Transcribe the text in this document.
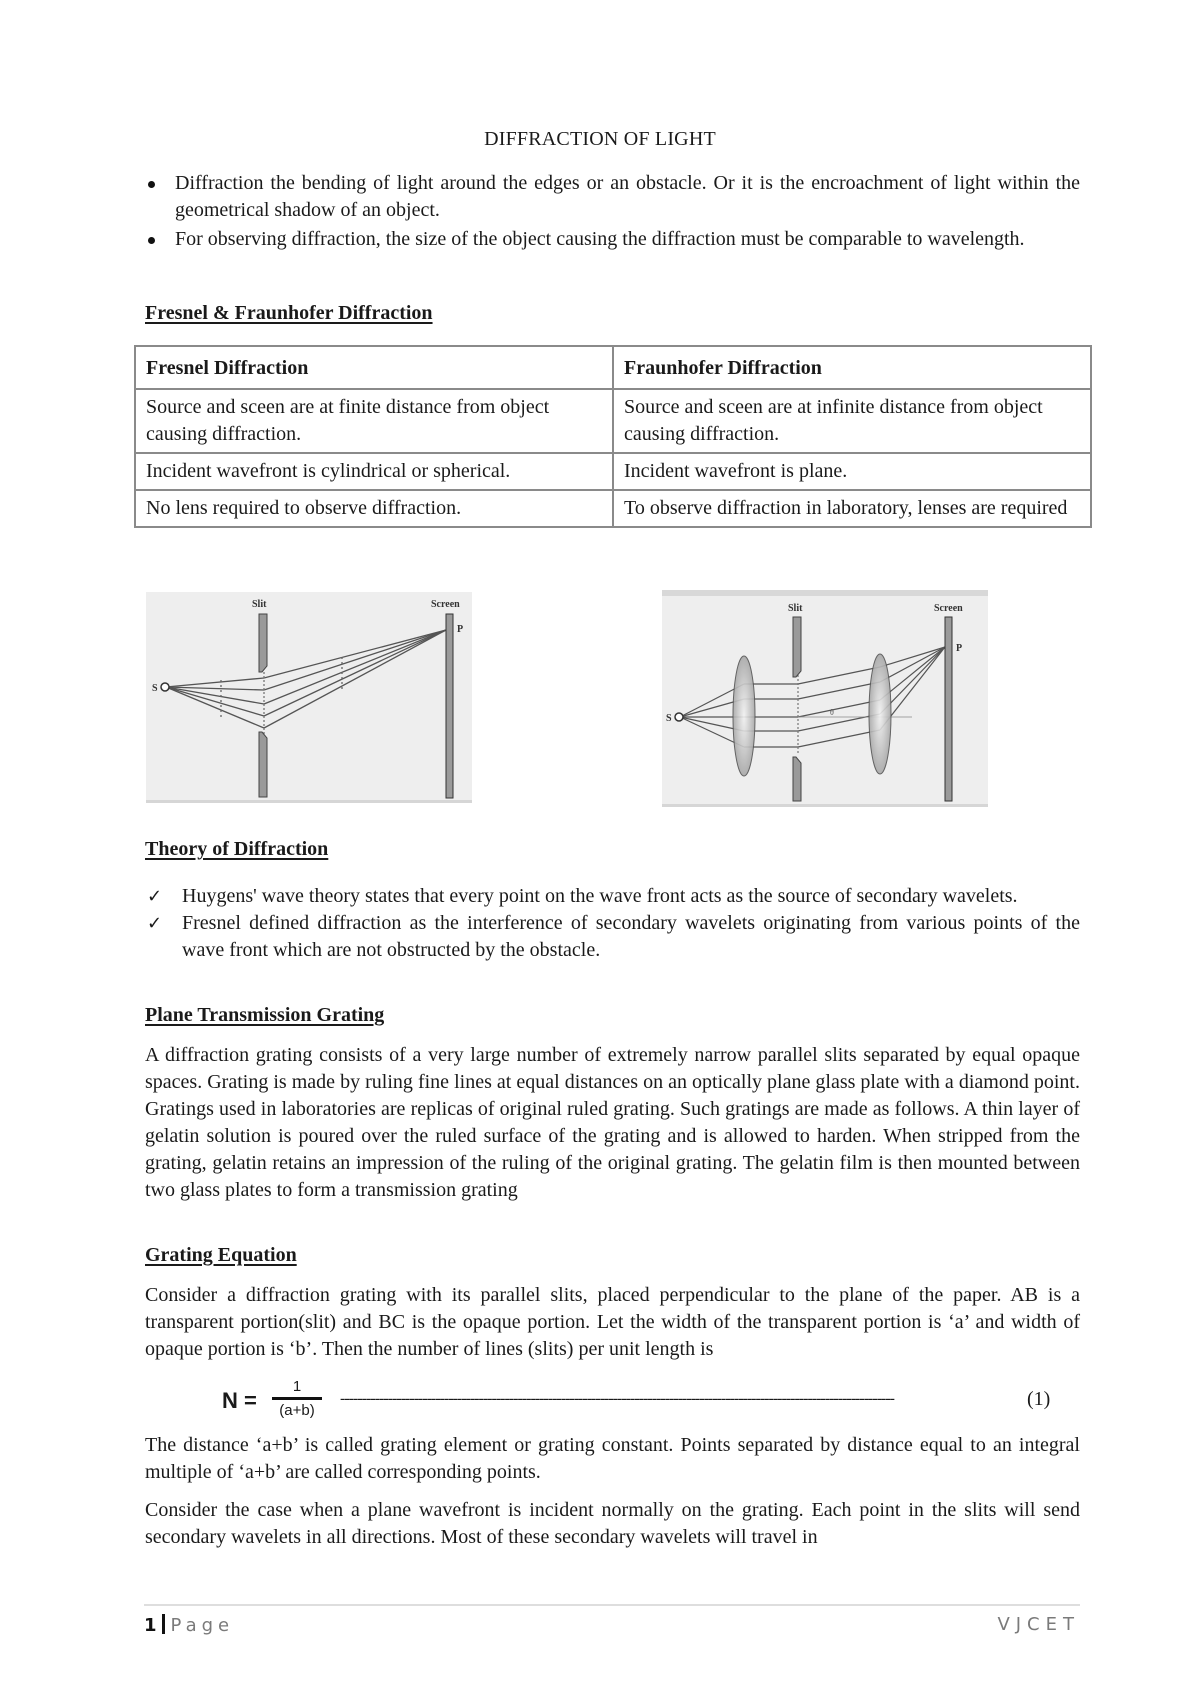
DIFFRACTION OF LIGHT
Diffraction the bending of light around the edges or an obstacle. Or it is the encroachment of light within the geometrical shadow of an object.
For observing diffraction, the size of the object causing the diffraction must be comparable to wavelength.
Fresnel & Fraunhofer Diffraction
Fresnel Diffraction	Fraunhofer Diffraction
Source and sceen are at finite distance from object causing diffraction.	Source and sceen are at infinite distance from object causing diffraction.
Incident wavefront is cylindrical or spherical.	Incident wavefront is plane.
No lens required to observe diffraction.	To observe diffraction in laboratory, lenses are required
S
Slit	Screen
P
S
Slit	Screen
P
θ
Theory of Diffraction
✓ Huygens' wave theory states that every point on the wave front acts as the source of secondary wavelets.
✓ Fresnel defined diffraction as the interference of secondary wavelets originating from various points of the wave front which are not obstructed by the obstacle.
Plane Transmission Grating
A diffraction grating consists of a very large number of extremely narrow parallel slits separated by equal opaque spaces. Grating is made by ruling fine lines at equal distances on an optically plane glass plate with a diamond point. Gratings used in laboratories are replicas of original ruled grating. Such gratings are made as follows. A thin layer of gelatin solution is poured over the ruled surface of the grating and is allowed to harden. When stripped from the grating, gelatin retains an impression of the ruling of the original grating. The gelatin film is then mounted between two glass plates to form a transmission grating
Grating Equation
Consider a diffraction grating with its parallel slits, placed perpendicular to the plane of the paper. AB is a transparent portion(slit) and BC is the opaque portion. Let the width of the transparent portion is ‘a’ and width of opaque portion is ‘b’. Then the number of lines (slits) per unit length is
N =
1
(a+b)
--------------------------------------------------------------------------------------------------------------------------------	(1)
The distance ‘a+b’ is called grating element or grating constant. Points separated by distance equal to an integral multiple of ‘a+b’ are called corresponding points.
Consider the case when a plane wavefront is incident normally on the grating. Each point in the slits will send secondary wavelets in all directions. Most of these secondary wavelets will travel in
1 Page	VJCET
